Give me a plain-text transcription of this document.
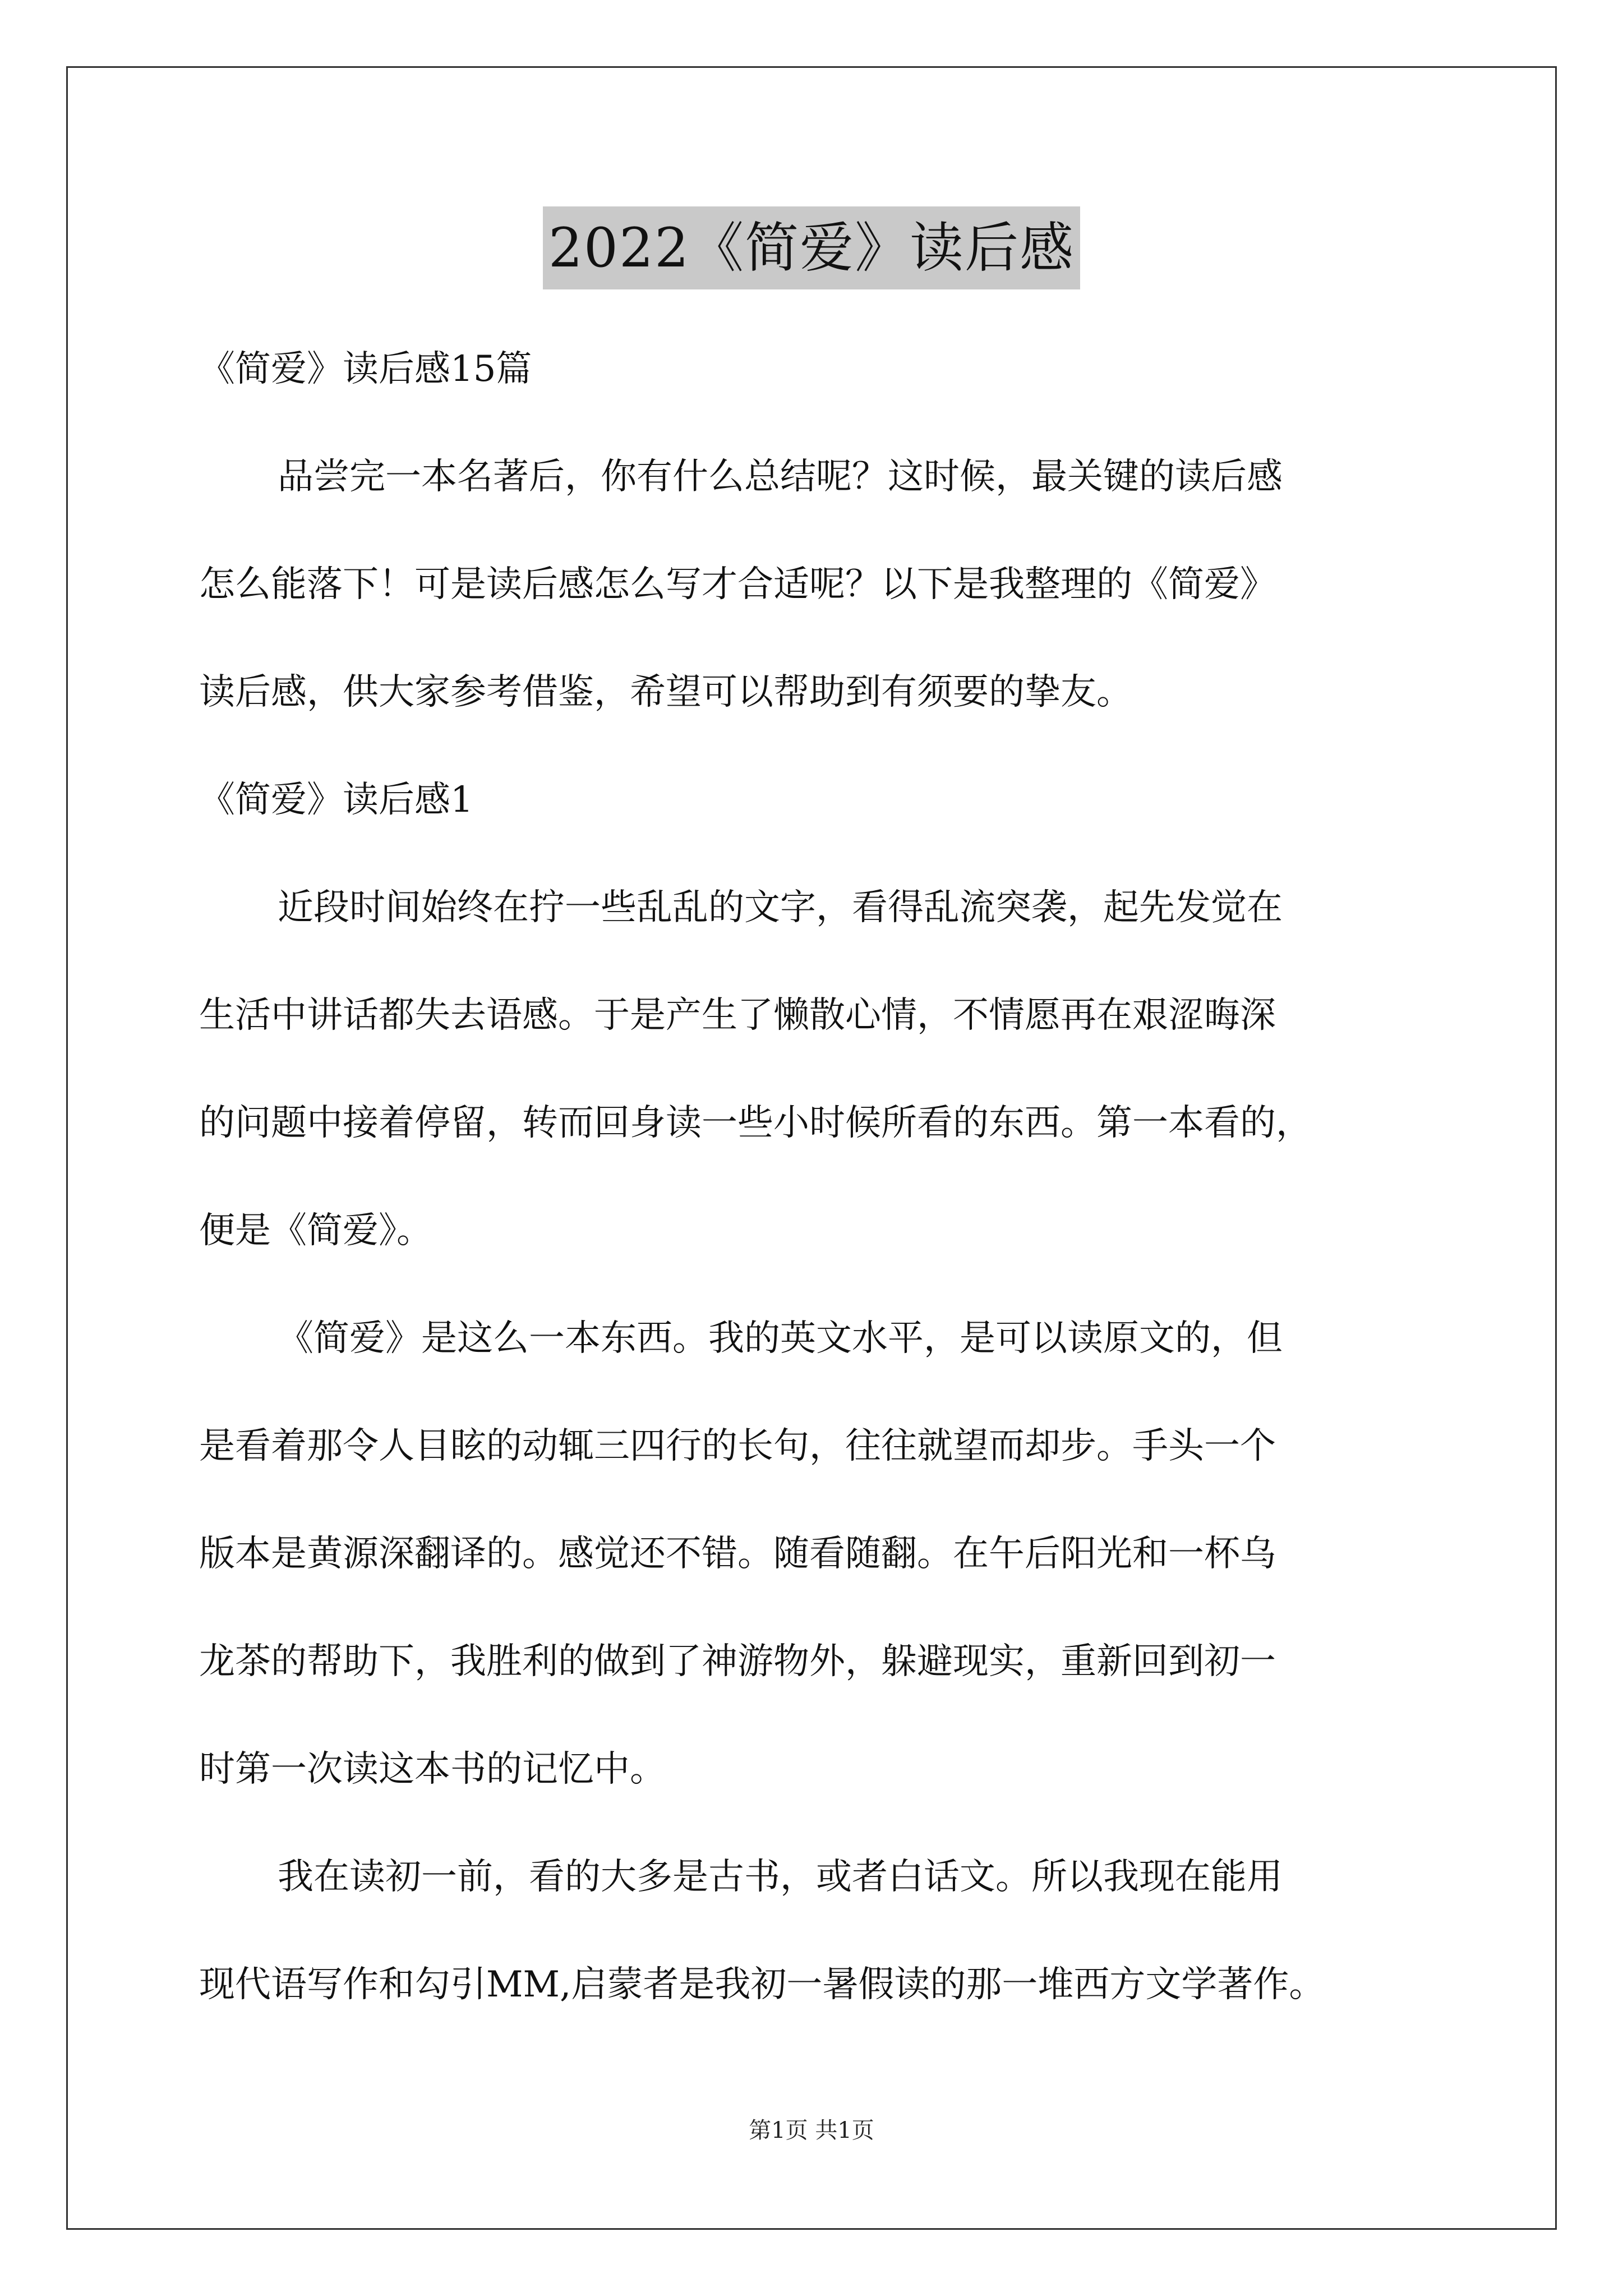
2022《简爱》读后感
《简爱》读后感15篇
品尝完一本名著后，你有什么总结呢？这时候，最关键的读后感
怎么能落下！可是读后感怎么写才合适呢？以下是我整理的《简爱》
读后感，供大家参考借鉴，希望可以帮助到有须要的挚友。
《简爱》读后感1
近段时间始终在拧一些乱乱的文字，看得乱流突袭，起先发觉在
生活中讲话都失去语感。于是产生了懒散心情，不情愿再在艰涩晦深
的问题中接着停留，转而回身读一些小时候所看的东西。第一本看的，
便是《简爱》。
《简爱》是这么一本东西。我的英文水平，是可以读原文的，但
是看着那令人目眩的动辄三四行的长句，往往就望而却步。手头一个
版本是黄源深翻译的。感觉还不错。随看随翻。在午后阳光和一杯乌
龙茶的帮助下，我胜利的做到了神游物外，躲避现实，重新回到初一
时第一次读这本书的记忆中。
我在读初一前，看的大多是古书，或者白话文。所以我现在能用
现代语写作和勾引MM,启蒙者是我初一暑假读的那一堆西方文学著作。
第1页 共1页
